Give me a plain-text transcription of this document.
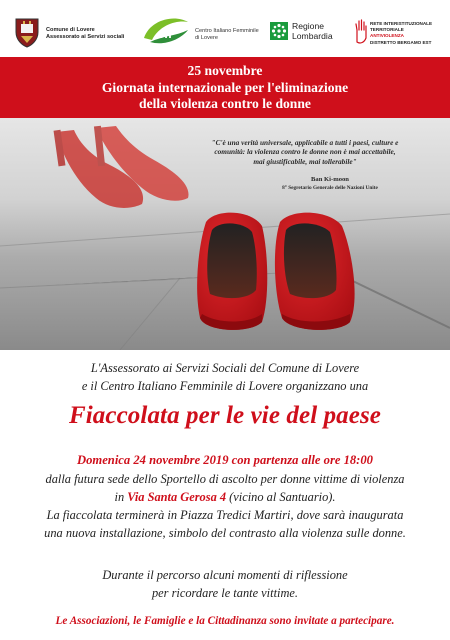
Comune di Lovere
Assessorato ai Servizi sociali	cif	Centro Italiano Femminile
di Lovere
Regione
Lombardia
RETE INTERISTITUZIONALE
TERRITORIALE
ANTIVIOLENZA
DISTRETTO BERGAMO EST
25 novembre
Giornata internazionale per l'eliminazione
della violenza contro le donne
"C'è una verità universale, applicabile a tutti i paesi, culture e
comunità: la violenza contro le donne non è mai accettabile,
mai giustificabile, mai tollerabile"
Ban Ki-moon
8° Segretario Generale delle Nazioni Unite
L'Assessorato ai Servizi Sociali del Comune di Lovere
e il Centro Italiano Femminile di Lovere organizzano una
Fiaccolata per le vie del paese
Domenica 24 novembre 2019 con partenza alle ore 18:00
dalla futura sede dello Sportello di ascolto per donne vittime di violenza
in Via Santa Gerosa 4 (vicino al Santuario).
La fiaccolata terminerà in Piazza Tredici Martiri, dove sarà inaugurata
una nuova installazione, simbolo del contrasto alla violenza sulle donne.
Durante il percorso alcuni momenti di riflessione
per ricordare le tante vittime.
Le Associazioni, le Famiglie e la Cittadinanza sono invitate a partecipare.
